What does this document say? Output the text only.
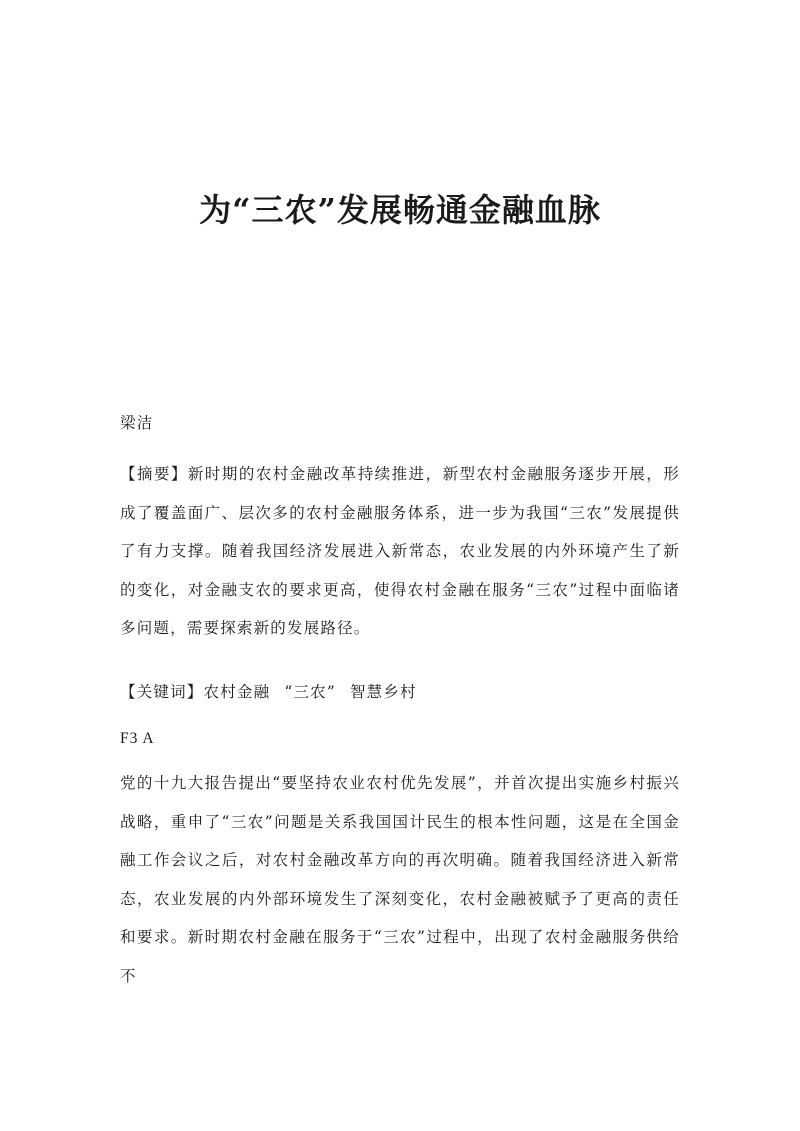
为“三农”发展畅通金融血脉
梁洁
【摘要】新时期的农村金融改革持续推进，新型农村金融服务逐步开展，形成了覆盖面广、层次多的农村金融服务体系，进一步为我国“三农”发展提供了有力支撑。随着我国经济发展进入新常态，农业发展的内外环境产生了新的变化，对金融支农的要求更高，使得农村金融在服务“三农”过程中面临诸多问题，需要探索新的发展路径。
【关键词】农村金融 “三农” 智慧乡村
F3 A
党的十九大报告提出“要坚持农业农村优先发展”，并首次提出实施乡村振兴战略，重申了“三农”问题是关系我国国计民生的根本性问题，这是在全国金融工作会议之后，对农村金融改革方向的再次明确。随着我国经济进入新常态，农业发展的内外部环境发生了深刻变化，农村金融被赋予了更高的责任和要求。新时期农村金融在服务于“三农”过程中，出现了农村金融服务供给不
